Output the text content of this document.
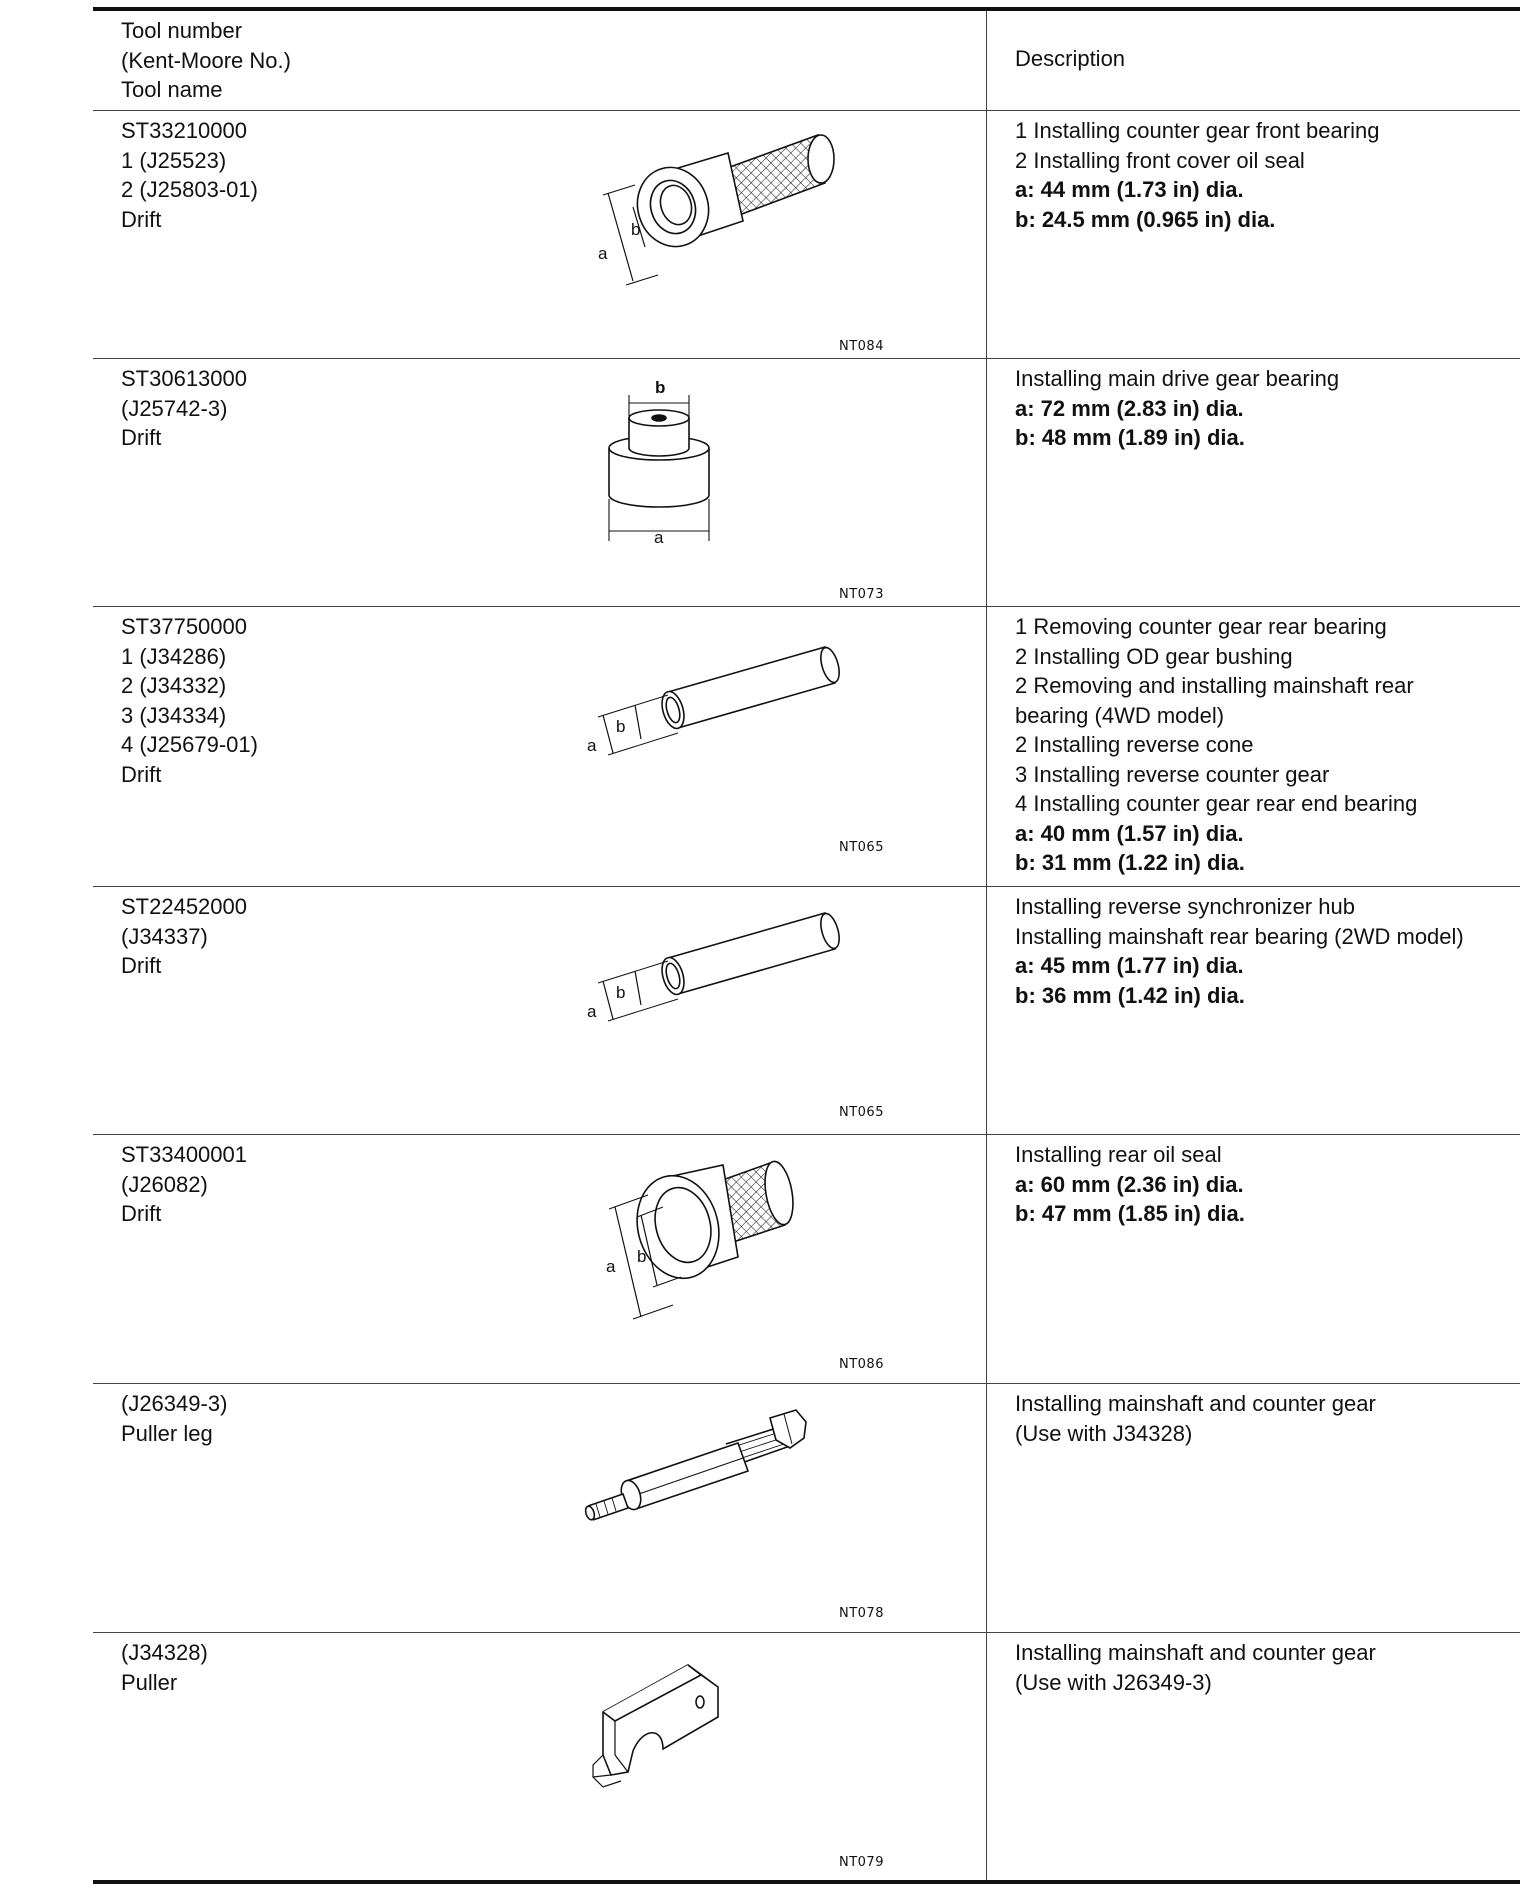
Tool number
(Kent-Moore No.)
Tool name
Description
ST33210000
1 (J25523)
2 (J25803-01)
Drift
a
b
NT084
1 Installing counter gear front bearing
2 Installing front cover oil seal
a: 44 mm (1.73 in) dia.
b: 24.5 mm (0.965 in) dia.
ST30613000
(J25742-3)
Drift
b
a
NT073
Installing main drive gear bearing
a: 72 mm (2.83 in) dia.
b: 48 mm (1.89 in) dia.
ST37750000
1 (J34286)
2 (J34332)
3 (J34334)
4 (J25679-01)
Drift
a
b
NT065
1 Removing counter gear rear bearing
2 Installing OD gear bushing
2 Removing and installing mainshaft rear
bearing (4WD model)
2 Installing reverse cone
3 Installing reverse counter gear
4 Installing counter gear rear end bearing
a: 40 mm (1.57 in) dia.
b: 31 mm (1.22 in) dia.
ST22452000
(J34337)
Drift
a
b
NT065
Installing reverse synchronizer hub
Installing mainshaft rear bearing (2WD model)
a: 45 mm (1.77 in) dia.
b: 36 mm (1.42 in) dia.
ST33400001
(J26082)
Drift
a
b
NT086
Installing rear oil seal
a: 60 mm (2.36 in) dia.
b: 47 mm (1.85 in) dia.
(J26349-3)
Puller leg
NT078
Installing mainshaft and counter gear
(Use with J34328)
(J34328)
Puller
NT079
Installing mainshaft and counter gear
(Use with J26349-3)
